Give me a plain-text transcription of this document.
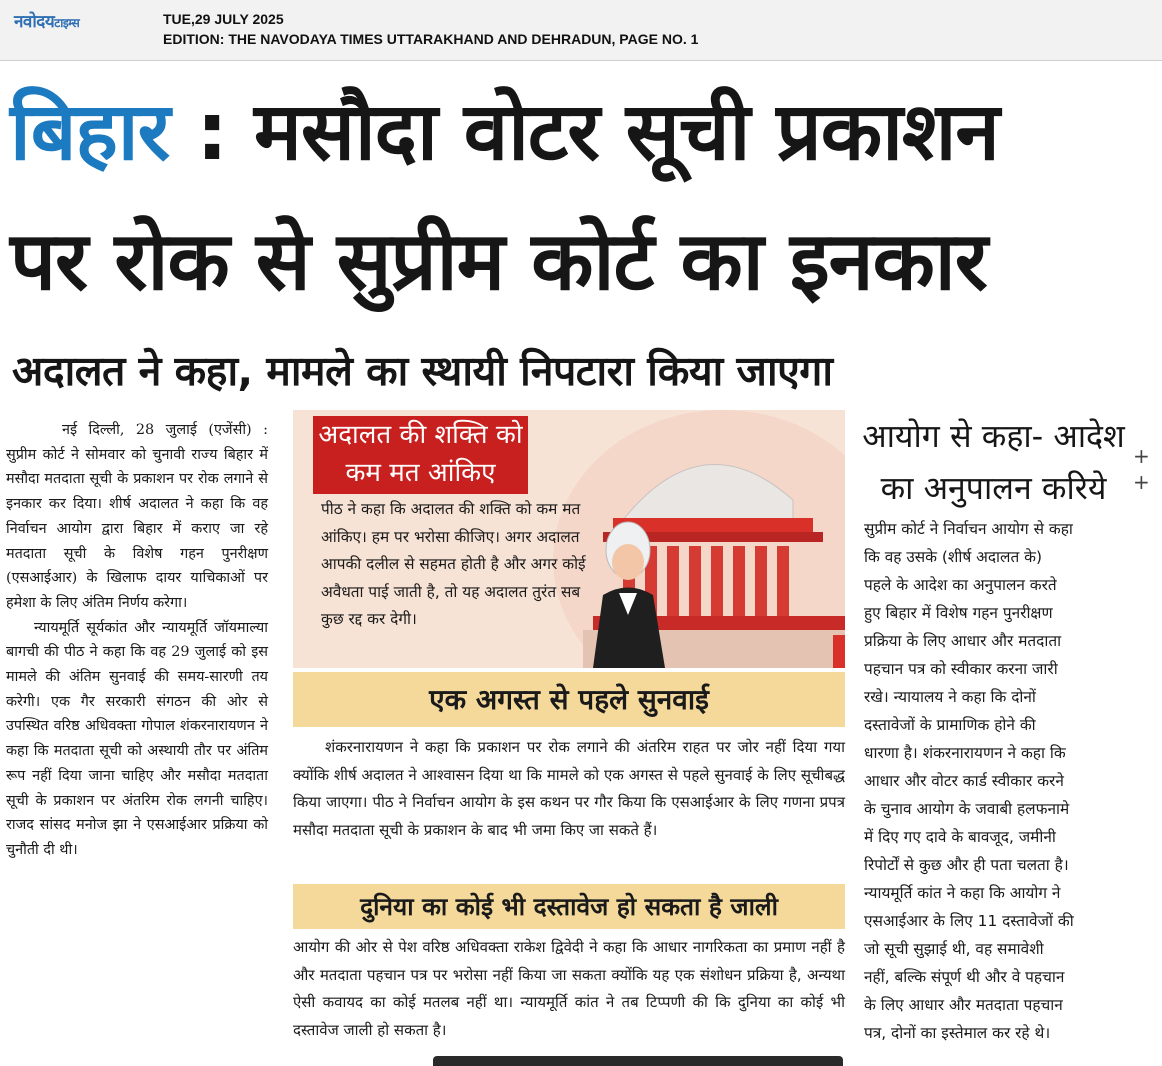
नवोदयटाइम्स	TUE,29 JULY 2025
EDITION: THE NAVODAYA TIMES UTTARAKHAND AND DEHRADUN, PAGE NO. 1
बिहार : मसौदा वोटर सूची प्रकाशन
पर रोक से सुप्रीम कोर्ट का इनकार
अदालत ने कहा, मामले का स्थायी निपटारा किया जाएगा

नई दिल्ली, 28 जुलाई (एजेंसी) : सुप्रीम कोर्ट ने सोमवार को चुनावी राज्य बिहार में मसौदा मतदाता सूची के प्रकाशन पर रोक लगाने से इनकार कर दिया। शीर्ष अदालत ने कहा कि वह निर्वाचन आयोग द्वारा बिहार में कराए जा रहे मतदाता सूची के विशेष गहन पुनरीक्षण (एसआईआर) के खिलाफ दायर याचिकाओं पर हमेशा के लिए अंतिम निर्णय करेगा।

न्यायमूर्ति सूर्यकांत और न्यायमूर्ति जॉयमाल्या बागची की पीठ ने कहा कि वह 29 जुलाई को इस मामले की अंतिम सुनवाई की समय-सारणी तय करेगी। एक गैर सरकारी संगठन की ओर से उपस्थित वरिष्ठ अधिवक्ता गोपाल शंकरनारायणन ने कहा कि मतदाता सूची को अस्थायी तौर पर अंतिम रूप नहीं दिया जाना चाहिए और मसौदा मतदाता सूची के प्रकाशन पर अंतरिम रोक लगनी चाहिए। राजद सांसद मनोज झा ने एसआईआर प्रक्रिया को चुनौती दी थी।

अदालत की शक्ति को कम मत आंकिए
पीठ ने कहा कि अदालत की शक्ति को कम मत आंकिए। हम पर भरोसा कीजिए। अगर अदालत आपकी दलील से सहमत होती है और अगर कोई अवैधता पाई जाती है, तो यह अदालत तुरंत सब कुछ रद्द कर देगी।
एक अगस्त से पहले सुनवाई

शंकरनारायणन ने कहा कि प्रकाशन पर रोक लगाने की अंतरिम राहत पर जोर नहीं दिया गया क्योंकि शीर्ष अदालत ने आश्वासन दिया था कि मामले को एक अगस्त से पहले सुनवाई के लिए सूचीबद्ध किया जाएगा। पीठ ने निर्वाचन आयोग के इस कथन पर गौर किया कि एसआईआर के लिए गणना प्रपत्र मसौदा मतदाता सूची के प्रकाशन के बाद भी जमा किए जा सकते हैं।

दुनिया का कोई भी दस्तावेज हो सकता है जाली

आयोग की ओर से पेश वरिष्ठ अधिवक्ता राकेश द्विवेदी ने कहा कि आधार नागरिकता का प्रमाण नहीं है और मतदाता पहचान पत्र पर भरोसा नहीं किया जा सकता क्योंकि यह एक संशोधन प्रक्रिया है, अन्यथा ऐसी कवायद का कोई मतलब नहीं था। न्यायमूर्ति कांत ने तब टिप्पणी की कि दुनिया का कोई भी दस्तावेज जाली हो सकता है।

आयोग से कहा- आदेश
का अनुपालन करिये

सुप्रीम कोर्ट ने निर्वाचन आयोग से कहा
कि वह उसके (शीर्ष अदालत के)
पहले के आदेश का अनुपालन करते
हुए बिहार में विशेष गहन पुनरीक्षण
प्रक्रिया के लिए आधार और मतदाता
पहचान पत्र को स्वीकार करना जारी
रखे। न्यायालय ने कहा कि दोनों
दस्तावेजों के प्रामाणिक होने की
धारणा है। शंकरनारायणन ने कहा कि
आधार और वोटर कार्ड स्वीकार करने
के चुनाव आयोग के जवाबी हलफनामे
में दिए गए दावे के बावजूद, जमीनी
रिपोर्टों से कुछ और ही पता चलता है।
न्यायमूर्ति कांत ने कहा कि आयोग ने
एसआईआर के लिए 11 दस्तावेजों की
जो सूची सुझाई थी, वह समावेशी
नहीं, बल्कि संपूर्ण थी और वे पहचान
के लिए आधार और मतदाता पहचान
पत्र, दोनों का इस्तेमाल कर रहे थे।

+
+
